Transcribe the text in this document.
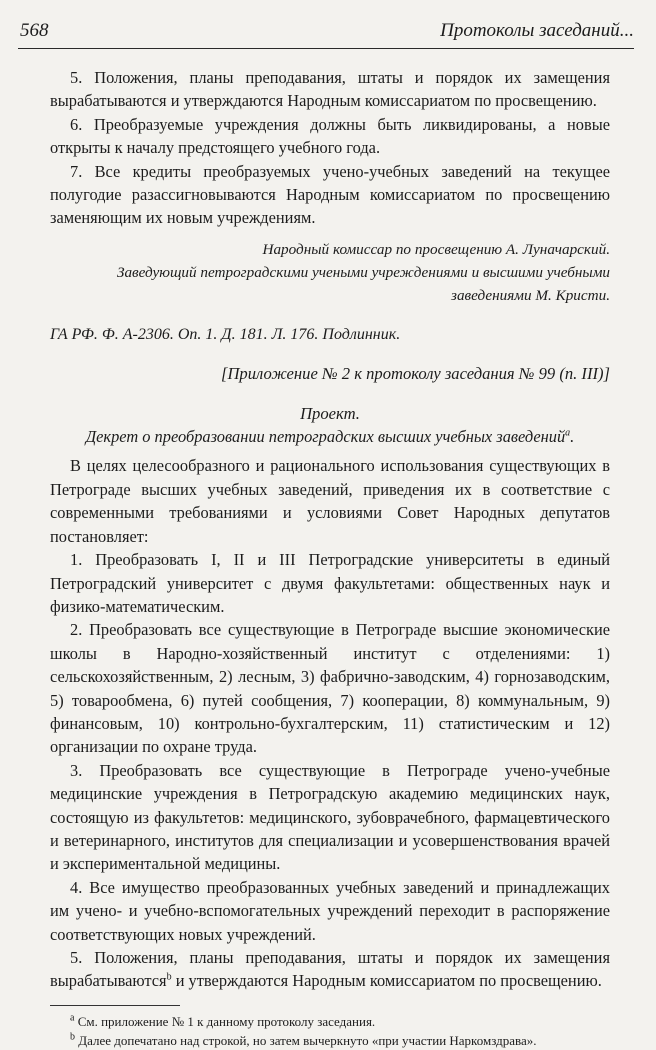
568	Протоколы заседаний...

5. Положения, планы преподавания, штаты и порядок их замещения вырабатываются и утверждаются Народным комиссариатом по просвещению.

6. Преобразуемые учреждения должны быть ликвидированы, а новые открыты к началу предстоящего учебного года.

7. Все кредиты преобразуемых учено-учебных заведений на текущее полугодие разассигновываются Народным комиссариатом по просвещению заменяющим их новым учреждениям.

Народный комиссар по просвещению А. Луначарский.

Заведующий петроградскими учеными учреждениями и высшими учебными заведениями М. Кристи.

ГА РФ. Ф. А-2306. Оп. 1. Д. 181. Л. 176. Подлинник.

[Приложение № 2 к протоколу заседания № 99 (п. III)]

Проект.

Декрет о преобразовании петроградских высших учебных заведений$^a$.

В целях целесообразного и рационального использования существующих в Петрограде высших учебных заведений, приведения их в соответствие с современными требованиями и условиями Совет Народных депутатов постановляет:

1. Преобразовать I, II и III Петроградские университеты в единый Петроградский университет с двумя факультетами: общественных наук и физико-математическим.

2. Преобразовать все существующие в Петрограде высшие экономические школы в Народно-хозяйственный институт с отделениями: 1) сельскохозяйственным, 2) лесным, 3) фабрично-заводским, 4) горнозаводским, 5) товарообмена, 6) путей сообщения, 7) кооперации, 8) коммунальным, 9) финансовым, 10) контрольно-бухгалтерским, 11) статистическим и 12) организации по охране труда.

3. Преобразовать все существующие в Петрограде учено-учебные медицинские учреждения в Петроградскую академию медицинских наук, состоящую из факультетов: медицинского, зубоврачебного, фармацевтического и ветеринарного, институтов для специализации и усовершенствования врачей и экспериментальной медицины.

4. Все имущество преобразованных учебных заведений и принадлежащих им учено- и учебно-вспомогательных учреждений переходит в распоряжение соответствующих новых учреждений.

5. Положения, планы преподавания, штаты и порядок их замещения вырабатываются$^b$ и утверждаются Народным комиссариатом по просвещению.

$^a$ См. приложение № 1 к данному протоколу заседания.

$^b$ Далее допечатано над строкой, но затем вычеркнуто «при участии Наркомздрава».
